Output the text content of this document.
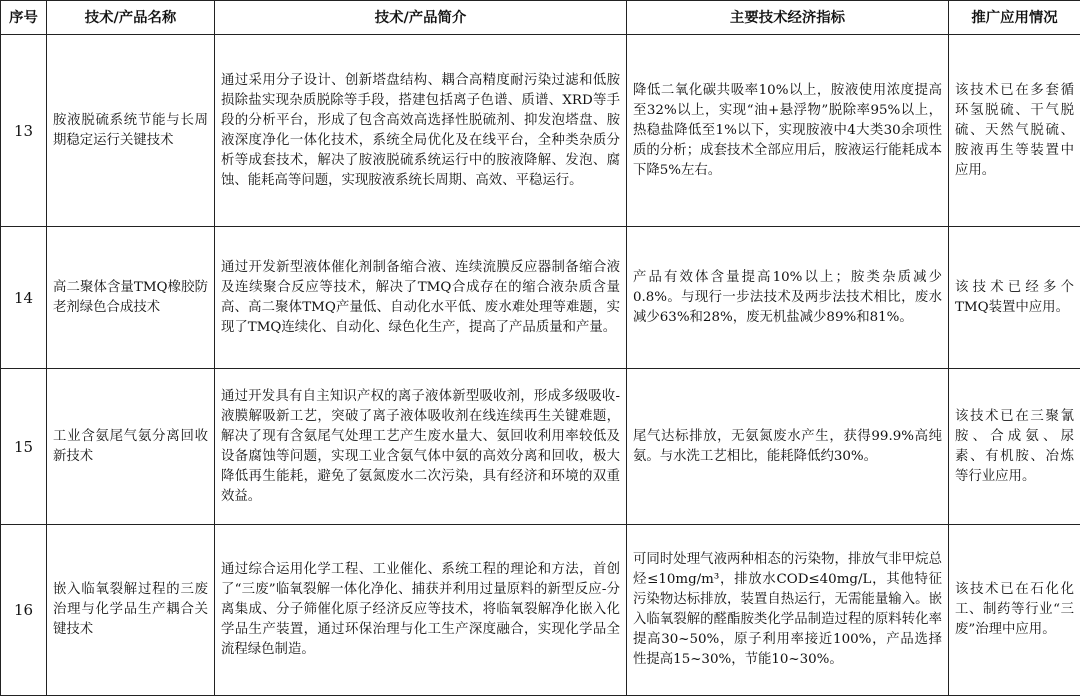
序号	技术/产品名称	技术/产品简介	主要技术经济指标	推广应用情况
13	胺液脱硫系统节能与长周期稳定运行关键技术	通过采用分子设计、创新塔盘结构、耦合高精度耐污染过滤和低胺损除盐实现杂质脱除等手段，搭建包括离子色谱、质谱、XRD等手段的分析平台，形成了包含高效高选择性脱硫剂、抑发泡塔盘、胺液深度净化一体化技术，系统全局优化及在线平台，全种类杂质分析等成套技术，解决了胺液脱硫系统运行中的胺液降解、发泡、腐蚀、能耗高等问题，实现胺液系统长周期、高效、平稳运行。	降低二氧化碳共吸率10%以上，胺液使用浓度提高至32%以上，实现“油+悬浮物”脱除率95%以上，热稳盐降低至1%以下，实现胺液中4大类30余项性质的分析；成套技术全部应用后，胺液运行能耗成本下降5%左右。	该技术已在多套循环氢脱硫、干气脱硫、天然气脱硫、胺液再生等装置中应用。
14	高二聚体含量TMQ橡胶防老剂绿色合成技术	通过开发新型液体催化剂制备缩合液、连续流膜反应器制备缩合液及连续聚合反应等技术，解决了TMQ合成存在的缩合液杂质含量高、高二聚体TMQ产量低、自动化水平低、废水难处理等难题，实现了TMQ连续化、自动化、绿色化生产，提高了产品质量和产量。	产品有效体含量提高10%以上；胺类杂质减少0.8%。与现行一步法技术及两步法技术相比，废水减少63%和28%，废无机盐减少89%和81%。	该技术已经多个TMQ装置中应用。
15	工业含氨尾气氨分离回收新技术	通过开发具有自主知识产权的离子液体新型吸收剂，形成多级吸收-液膜解吸新工艺，突破了离子液体吸收剂在线连续再生关键难题，解决了现有含氨尾气处理工艺产生废水量大、氨回收利用率较低及设备腐蚀等问题，实现工业含氨气体中氨的高效分离和回收，极大降低再生能耗，避免了氨氮废水二次污染，具有经济和环境的双重效益。	尾气达标排放，无氨氮废水产生，获得99.9%高纯氨。与水洗工艺相比，能耗降低约30%。	该技术已在三聚氰胺、合成氨、尿素、有机胺、冶炼等行业应用。
16	嵌入临氧裂解过程的三废治理与化学品生产耦合关键技术	通过综合运用化学工程、工业催化、系统工程的理论和方法，首创了“三废”临氧裂解一体化净化、捕获并利用过量原料的新型反应-分离集成、分子筛催化原子经济反应等技术，将临氧裂解净化嵌入化学品生产装置，通过环保治理与化工生产深度融合，实现化学品全流程绿色制造。	可同时处理气液两种相态的污染物，排放气非甲烷总烃≤10mg/m³，排放水COD≤40mg/L，其他特征污染物达标排放，装置自热运行，无需能量输入。嵌入临氧裂解的醛酯胺类化学品制造过程的原料转化率提高30~50%，原子利用率接近100%，产品选择性提高15~30%，节能10~30%。	该技术已在石化化工、制药等行业“三废”治理中应用。
